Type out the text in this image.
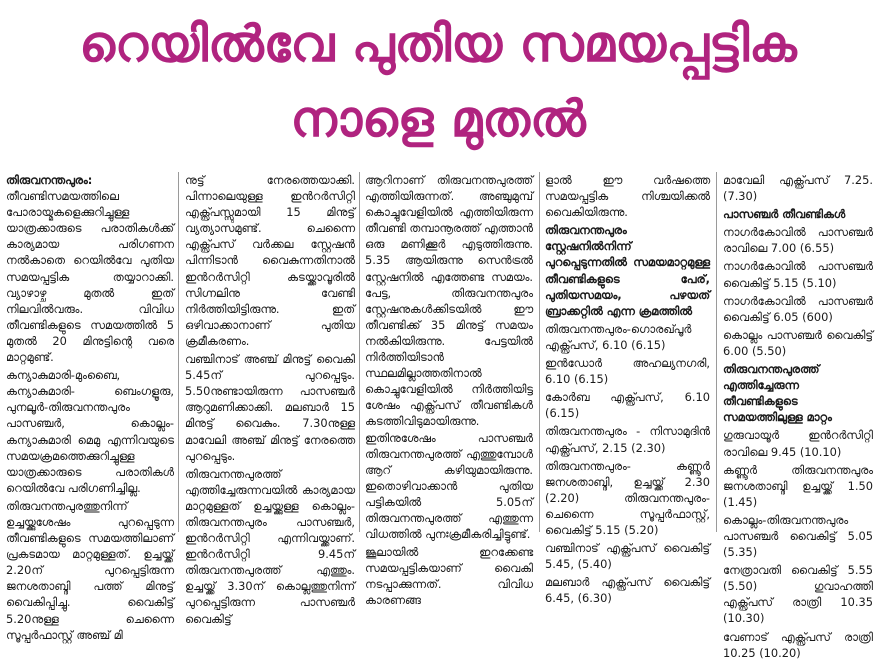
റെയിൽവേ പുതിയ സമയപ്പട്ടിക
നാളെ മുതൽ

തിരുവനന്തപുരം: തീവണ്ടിസമയത്തിലെ പോരായ്മകളെക്കുറിച്ചുള്ള യാത്രക്കാരുടെ പരാതികൾക്ക് കാര്യമായ പരിഗണന നൽകാതെ റെയിൽവേ പുതിയ സമയപ്പട്ടിക തയ്യാറാക്കി. വ്യാഴാഴ്ച മുതൽ ഇത് നിലവിൽവരും. വിവിധ തീവണ്ടികളുടെ സമയത്തിൽ 5 മുതൽ 20 മിനുട്ടിന്റെ വരെ മാറ്റമുണ്ട്.

കന്യാകുമാരി-മുംബൈ, കന്യാകുമാരി- ബെംഗളൂരു, പുനലൂർ-തിരുവനന്തപുരം പാസഞ്ചർ, കൊല്ലം-കന്യാകുമാരി മെമു എന്നിവയുടെ സമയക്രമത്തെക്കുറിച്ചുള്ള യാത്രക്കാരുടെ പരാതികൾ റെയിൽവേ പരിഗണിച്ചില്ല.

തിരുവനന്തപുരത്തുനിന്ന് ഉച്ചയ്ക്കുശേഷം പുറപ്പെടുന്ന തീവണ്ടികളുടെ സമയത്തിലാണ് പ്രകടമായ മാറ്റമുള്ളത്. ഉച്ചയ്ക്ക് 2.20ന് പുറപ്പെട്ടിരുന്ന ജനശതാബ്ദി പത്ത് മിനുട്ട് വൈകിപ്പിച്ചു. വൈകിട്ട് 5.20നുള്ള ചെന്നൈ സൂപ്പർഫാസ്റ്റ് അഞ്ച് മി

നുട്ട് നേരത്തെയാക്കി. പിന്നാലെയുള്ള ഇൻറർസിറ്റി എക്സ്പ്രസ്സുമായി 15 മിനുട്ട് വ്യത്യാസമുണ്ട്. ചെന്നൈ എക്സ്പ്രസ് വർക്കല സ്റ്റേഷൻ പിന്നിടാൻ വൈകുന്നതിനാൽ ഇൻറർസിറ്റി കടയ്ക്കാവൂരിൽ സിഗ്നലിനു വേണ്ടി നിർത്തിയിട്ടിരുന്നു. ഇത് ഒഴിവാക്കാനാണ് പുതിയ ക്രമീകരണം.

വഞ്ചിനാട് അഞ്ച് മിനുട്ട് വൈകി 5.45ന് പുറപ്പെടും. 5.50നുണ്ടായിരുന്ന പാസഞ്ചർ ആറുമണിക്കാക്കി. മലബാർ 15 മിനുട്ട് വൈകും. 7.30നുള്ള മാവേലി അഞ്ച് മിനുട്ട് നേരത്തെ പുറപ്പെടും.

തിരുവനന്തപുരത്ത് എത്തിച്ചേരുന്നവയിൽ കാര്യമായ മാറ്റമുള്ളത് ഉച്ചയ്ക്കുള്ള കൊല്ലം-തിരുവനന്തപുരം പാസഞ്ചർ, ഇൻറർസിറ്റി എന്നിവയ്ക്കാണ്. ഇൻറർസിറ്റി 9.45ന് തിരുവനന്തപുരത്ത് എത്തും. ഉച്ചയ്ക്ക് 3.30ന് കൊല്ലത്തുനിന്ന് പുറപ്പെട്ടിരുന്ന പാസഞ്ചർ വൈകിട്ട്

ആറിനാണ് തിരുവനന്തപുരത്ത് എത്തിയിരുന്നത്. അഞ്ചുമുമ്പ് കൊച്ചുവേളിയിൽ എത്തിയിരുന്ന തീവണ്ടി തമ്പാനൂരത്ത് എത്താൻ ഒരു മണിക്കൂർ എടുത്തിരുന്നു. 5.35 ആയിരുന്നു സെൻട്രൽ സ്റ്റേഷനിൽ എത്തേണ്ട സമയം. പേട്ട, തിരുവനന്തപുരം സ്റ്റേഷനുകൾക്കിടയിൽ ഈ തീവണ്ടിക്ക് 35 മിനുട്ട് സമയം നൽകിയിരുന്നു. പേട്ടയിൽ നിർത്തിയിടാൻ സ്ഥലമില്ലാത്തതിനാൽ കൊച്ചുവേളിയിൽ നിർത്തിയിട്ട ശേഷം എക്സ്പ്രസ് തീവണ്ടികൾ കടത്തിവിടുമായിരുന്നു. ഇതിനുശേഷം പാസഞ്ചർ തിരുവനന്തപുരത്ത് എത്തുമ്പോൾ ആറ് കഴിയുമായിരുന്നു. ഇതൊഴിവാക്കാൻ പുതിയ പട്ടികയിൽ 5.05ന് തിരുവനന്തപുരത്ത് എത്തുന്ന വിധത്തിൽ പുനഃക്രമീകരിച്ചിട്ടുണ്ട്.

ജൂലായിൽ ഇറക്കേണ്ട സമയപ്പട്ടികയാണ് വൈകി നടപ്പാക്കുന്നത്. വിവിധ കാരണങ്ങ

ളാൽ ഈ വർഷത്തെ സമയപ്പട്ടിക നിശ്ചയിക്കൽ വൈകിയിരുന്നു.

തിരുവനന്തപുരം സ്റ്റേഷനിൽനിന്ന് പുറപ്പെടുന്നതിൽ സമയമാറ്റമുള്ള തീവണ്ടികളുടെ പേര്, പുതിയസമയം, പഴയത് ബ്രാക്കറ്റിൽ എന്ന ക്രമത്തിൽ

തിരുവനന്തപുരം-ഗൊരഖ്പൂർ എക്സ്പ്രസ്, 6.10 (6.15)

ഇൻഡോർ അഹല്യനഗരി, 6.10 (6.15)

കോർബ എക്സ്പ്രസ്, 6.10 (6.15)

തിരുവനന്തപുരം - നിസാമുദിൻ എക്സ്പ്രസ്, 2.15 (2.30)

തിരുവനന്തപുരം- കണ്ണൂർ ജനശതാബ്ദി, ഉച്ചയ്ക്ക് 2.30 (2.20) തിരുവനന്തപുരം- ചെന്നൈ സൂപ്പർഫാസ്റ്റ്, വൈകിട്ട് 5.15 (5.20)

വഞ്ചിനാട് എക്സ്പ്രസ് വൈകിട്ട് 5.45, (5.40)

മലബാർ എക്സ്പ്രസ് വൈകിട്ട് 6.45, (6.30)

മാവേലി എക്സ്പ്രസ് 7.25. (7.30)

പാസഞ്ചർ തീവണ്ടികൾ

നാഗർകോവിൽ പാസഞ്ചർ രാവിലെ 7.00 (6.55)

നാഗർകോവിൽ പാസഞ്ചർ വൈകിട്ട് 5.15 (5.10)

നാഗർകോവിൽ പാസഞ്ചർ വൈകിട്ട് 6.05 (600)

കൊല്ലം പാസഞ്ചർ വൈകിട്ട് 6.00 (5.50)

തിരുവനന്തപുരത്ത് എത്തിച്ചേരുന്ന തീവണ്ടികളുടെ സമയത്തിലുള്ള മാറ്റം

ഗുരുവായൂർ ഇൻറർസിറ്റി രാവിലെ 9.45 (10.10)

കണ്ണൂർ തിരുവനന്തപുരം ജനശതാബ്ദി ഉച്ചയ്ക്ക് 1.50 (1.45)

കൊല്ലം-തിരുവനന്തപുരം പാസഞ്ചർ വൈകിട്ട് 5.05 (5.35)

നേത്രാവതി വൈകിട്ട് 5.55 (5.50) ഗുവാഹത്തി എക്സ്പ്രസ് രാത്രി 10.35 (10.30)

വേണാട് എക്സ്പ്രസ് രാത്രി 10.25 (10.20)
